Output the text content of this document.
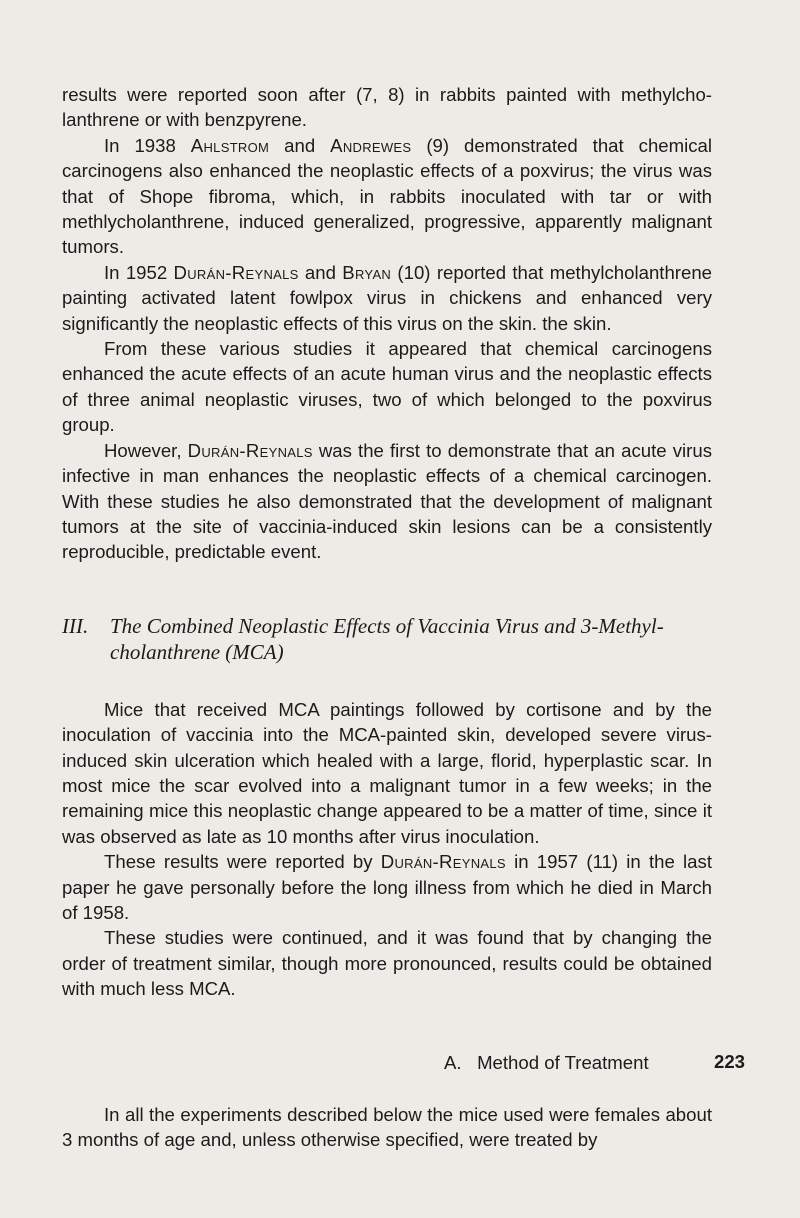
results were reported soon after (7, 8) in rabbits painted with methylcholanthrene or with benzpyrene.

In 1938 Ahlstrom and Andrewes (9) demonstrated that chemical carcinogens also enhanced the neoplastic effects of a poxvirus; the virus was that of Shope fibroma, which, in rabbits inoculated with tar or with methlycholanthrene, induced generalized, progressive, apparently malignant tumors.

In 1952 Durán-Reynals and Bryan (10) reported that methylcholanthrene painting activated latent fowlpox virus in chickens and enhanced very significantly the neoplastic effects of this virus on the skin. the skin.

From these various studies it appeared that chemical carcinogens enhanced the acute effects of an acute human virus and the neoplastic effects of three animal neoplastic viruses, two of which belonged to the poxvirus group.

However, Durán-Reynals was the first to demonstrate that an acute virus infective in man enhances the neoplastic effects of a chemical carcinogen. With these studies he also demonstrated that the development of malignant tumors at the site of vaccinia-induced skin lesions can be a consistently reproducible, predictable event.

III.	The Combined Neoplastic Effects of Vaccinia Virus and 3-Methylcholanthrene (MCA)

Mice that received MCA paintings followed by cortisone and by the inoculation of vaccinia into the MCA-painted skin, developed severe virus-induced skin ulceration which healed with a large, florid, hyperplastic scar. In most mice the scar evolved into a malignant tumor in a few weeks; in the remaining mice this neoplastic change appeared to be a matter of time, since it was observed as late as 10 months after virus inoculation.

These results were reported by Durán-Reynals in 1957 (11) in the last paper he gave personally before the long illness from which he died in March of 1958.

These studies were continued, and it was found that by changing the order of treatment similar, though more pronounced, results could be obtained with much less MCA.

A.   Method of Treatment

In all the experiments described below the mice used were females about 3 months of age and, unless otherwise specified, were treated by

223
